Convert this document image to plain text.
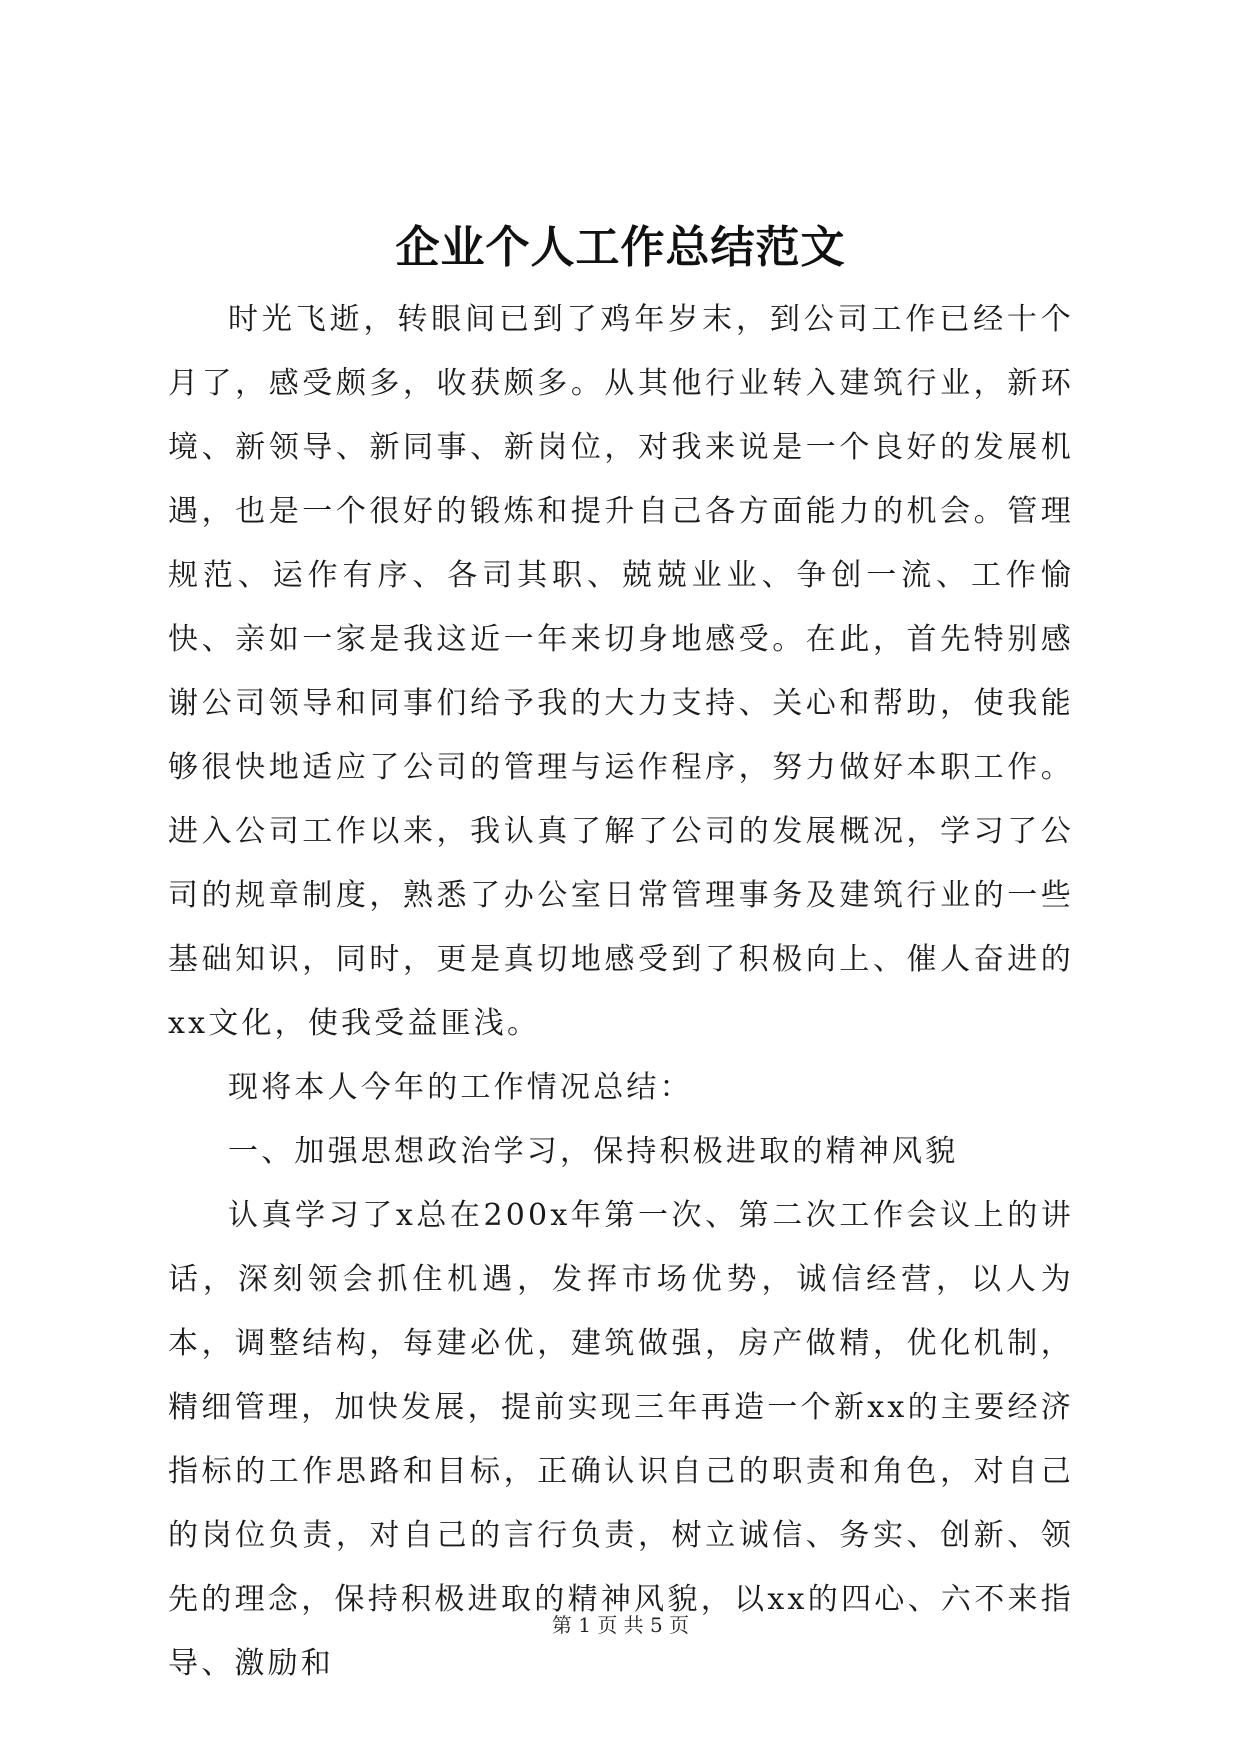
企业个人工作总结范文

时光飞逝，转眼间已到了鸡年岁末，到公司工作已经十个月了，感受颇多，收获颇多。从其他行业转入建筑行业，新环境、新领导、新同事、新岗位，对我来说是一个良好的发展机遇，也是一个很好的锻炼和提升自己各方面能力的机会。管理规范、运作有序、各司其职、兢兢业业、争创一流、工作愉快、亲如一家是我这近一年来切身地感受。在此，首先特别感谢公司领导和同事们给予我的大力支持、关心和帮助，使我能够很快地适应了公司的管理与运作程序，努力做好本职工作。进入公司工作以来，我认真了解了公司的发展概况，学习了公司的规章制度，熟悉了办公室日常管理事务及建筑行业的一些基础知识，同时，更是真切地感受到了积极向上、催人奋进的xx文化，使我受益匪浅。

现将本人今年的工作情况总结：

一、加强思想政治学习，保持积极进取的精神风貌

认真学习了x总在200x年第一次、第二次工作会议上的讲话，深刻领会抓住机遇，发挥市场优势，诚信经营，以人为本，调整结构，每建必优，建筑做强，房产做精，优化机制，精细管理，加快发展，提前实现三年再造一个新xx的主要经济指标的工作思路和目标，正确认识自己的职责和角色，对自己的岗位负责，对自己的言行负责，树立诚信、务实、创新、领先的理念，保持积极进取的精神风貌，以xx的四心、六不来指导、激励和

第 1 页 共 5 页
